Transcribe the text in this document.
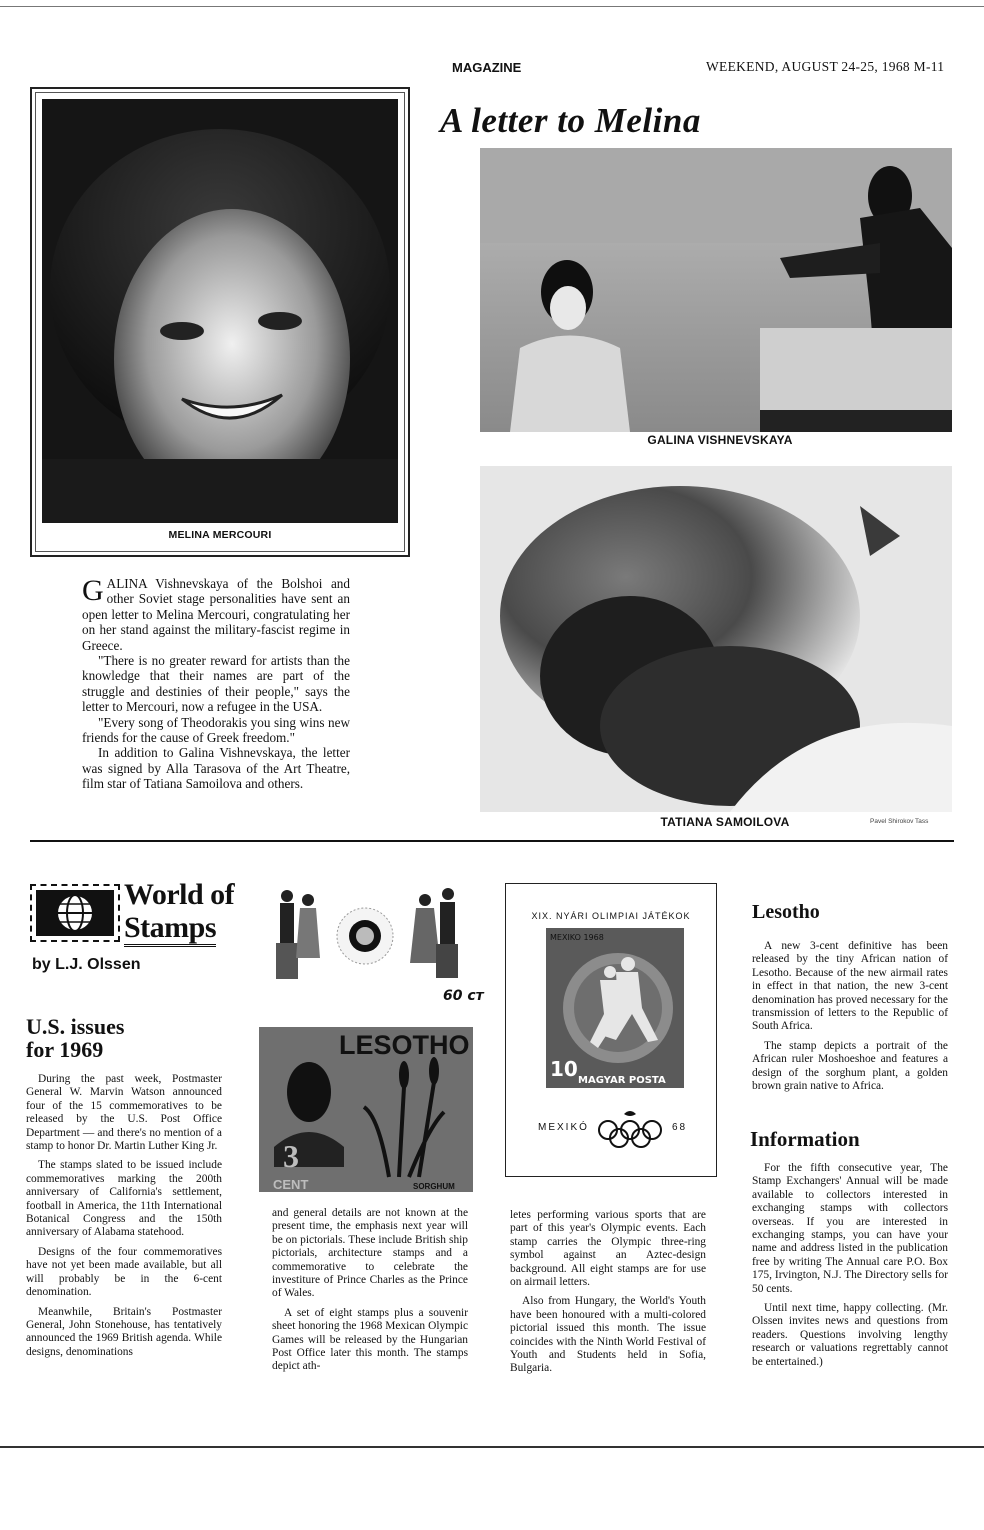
MAGAZINE	WEEKEND, AUGUST 24-25, 1968 M-11
MELINA MERCOURI
A letter to Melina
GALINA VISHNEVSKAYA
TATIANA SAMOILOVA	Pavel Shirokov Tass

GALINA Vishnevskaya of the Bolshoi and other Soviet stage personalities have sent an open letter to Melina Mercouri, congratulating her on her stand against the military-fascist regime in Greece.

"There is no greater reward for artists than the knowledge that their names are part of the struggle and destinies of their people," says the letter to Mercouri, now a refugee in the USA.

"Every song of Theodorakis you sing wins new friends for the cause of Greek freedom."

In addition to Galina Vishnevskaya, the letter was signed by Alla Tarasova of the Art Theatre, film star of Tatiana Samoilova and others.

World of
Stamps
by L.J. Olssen
U.S. issues
for 1969

During the past week, Postmaster General W. Marvin Watson announced four of the 15 commemoratives to be released by the U.S. Post Office Department — and there's no mention of a stamp to honor Dr. Martin Luther King Jr.

The stamps slated to be issued include commemoratives marking the 200th anniversary of California's settlement, football in America, the 11th International Botanical Congress and the 150th anniversary of Alabama statehood.

Designs of the four commemoratives have not yet been made available, but all will probably be in the 6-cent denomination.

Meanwhile, Britain's Postmaster General, John Stonehouse, has tentatively announced the 1969 British agenda. While designs, denominations

60 ст
LESOTHO
3
CENT	SORGHUM

and general details are not known at the present time, the emphasis next year will be on pictorials. These include British ship pictorials, architecture stamps and a commemorative to celebrate the investiture of Prince Charles as the Prince of Wales.

A set of eight stamps plus a souvenir sheet honoring the 1968 Mexican Olympic Games will be released by the Hungarian Post Office later this month. The stamps depict ath-

XIX. NYÁRI OLIMPIAI JÁTÉKOK
MEXIKO 1968
10 MAGYAR POSTA
MEXIKÓ	68

letes performing various sports that are part of this year's Olympic events. Each stamp carries the Olympic three-ring symbol against an Aztec-design background. All eight stamps are for use on airmail letters.

Also from Hungary, the World's Youth have been honoured with a multi-colored pictorial issued this month. The issue coincides with the Ninth World Festival of Youth and Students held in Sofia, Bulgaria.

Lesotho

A new 3-cent definitive has been released by the tiny African nation of Lesotho. Because of the new airmail rates in effect in that nation, the new 3-cent denomination has proved necessary for the transmission of letters to the Republic of South Africa.

The stamp depicts a portrait of the African ruler Moshoeshoe and features a design of the sorghum plant, a golden brown grain native to Africa.

Information

For the fifth consecutive year, The Stamp Exchangers' Annual will be made available to collectors interested in exchanging stamps with collectors overseas. If you are interested in exchanging stamps, you can have your name and address listed in the publication free by writing The Annual care P.O. Box 175, Irvington, N.J. The Directory sells for 50 cents.

Until next time, happy collecting. (Mr. Olssen invites news and questions from readers. Questions involving lengthy research or valuations regrettably cannot be entertained.)
